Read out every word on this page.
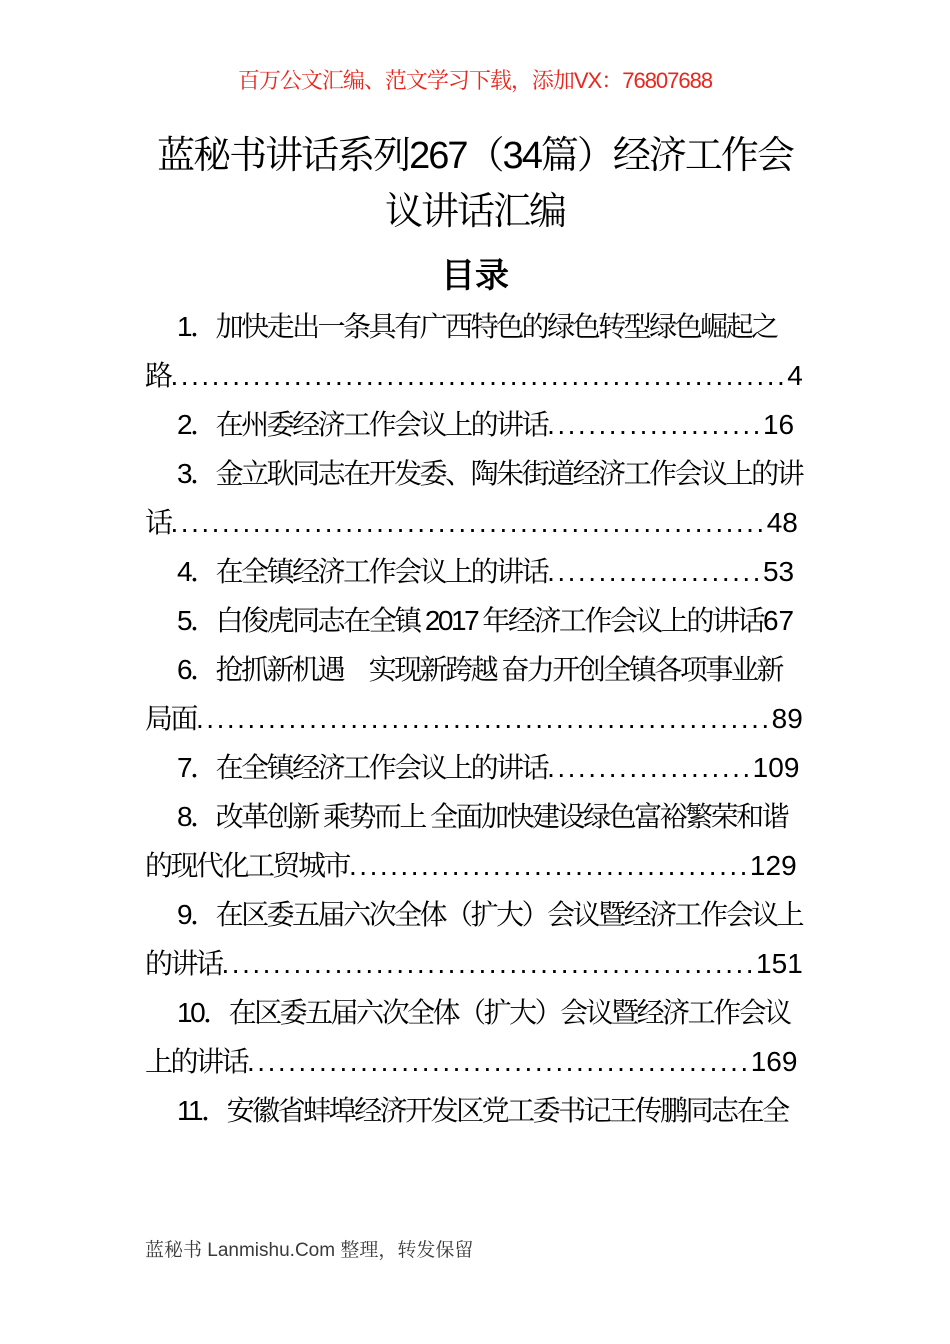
百万公文汇编、范文学习下载，添加VX：76807688
蓝秘书讲话系列267（34篇）经济工作会议讲话汇编
目录

1．加快走出一条具有广西特色的绿色转型绿色崛起之路............................................................4

2．在州委经济工作会议上的讲话.....................16

3．金立耿同志在开发委、陶朱街道经济工作会议上的讲话..........................................................48

4．在全镇经济工作会议上的讲话.....................53

5．白俊虎同志在全镇 2017 年经济工作会议上的讲话67

6．抢抓新机遇　实现新跨越 奋力开创全镇各项事业新局面........................................................89

7．在全镇经济工作会议上的讲话....................109

8．改革创新 乘势而上 全面加快建设绿色富裕繁荣和谐的现代化工贸城市.......................................129

9．在区委五届六次全体（扩大）会议暨经济工作会议上的讲话....................................................151

10．在区委五届六次全体（扩大）会议暨经济工作会议上的讲话.................................................169

11．安徽省蚌埠经济开发区党工委书记王传鹏同志在全

蓝秘书 Lanmishu.Com 整理，转发保留
